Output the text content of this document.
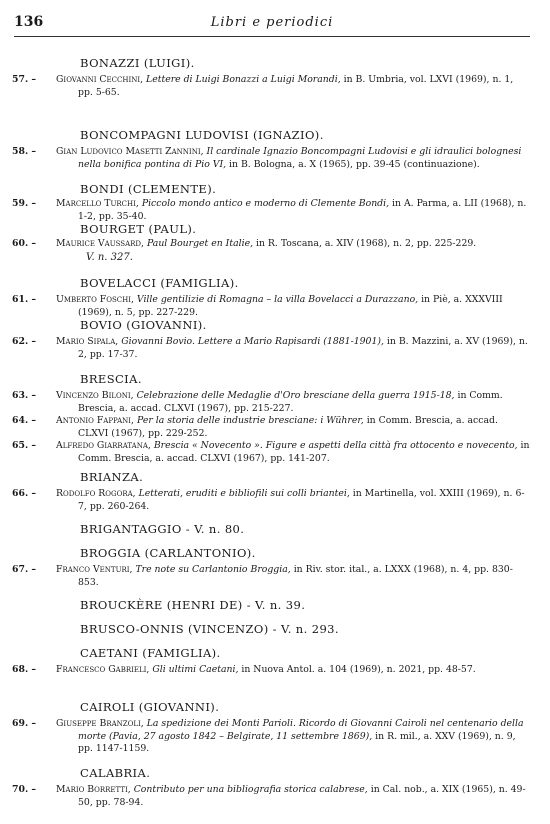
136	Libri e periodici
BONAZZI (LUIGI).
BONCOMPAGNI LUDOVISI (IGNAZIO).
BONDI (CLEMENTE).
BOURGET (PAUL).
BOVELACCI (FAMIGLIA).
BOVIO (GIOVANNI).
BRESCIA.
BRIANZA.
BRIGANTAGGIO - V. n. 80.
BROGGIA (CARLANTONIO).
BROUCKÈRE (HENRI DE) - V. n. 39.
BRUSCO-ONNIS (VINCENZO) - V. n. 293.
CAETANI (FAMIGLIA).
CAIROLI (GIOVANNI).
CALABRIA.
57. –	Giovanni Cecchini, Lettere di Luigi Bonazzi a Luigi Morandi, in B. Umbria, vol. LXVI (1969), n. 1, pp. 5-65.
58. –	Gian Ludovico Masetti Zannini, Il cardinale Ignazio Boncompagni Ludovisi e gli idraulici bolognesi nella bonifica pontina di Pio VI, in B. Bologna, a. X (1965), pp. 39-45 (continuazione).
59. –	Marcello Turchi, Piccolo mondo antico e moderno di Clemente Bondi, in A. Parma, a. LII (1968), n. 1-2, pp. 35-40.
60. –	Maurice Vaussard, Paul Bourget en Italie, in R. Toscana, a. XIV (1968), n. 2, pp. 225-229.
V. n. 327.
61. –	Umberto Foschi, Ville gentilizie di Romagna – la villa Bovelacci a Durazzano, in Piè, a. XXXVIII (1969), n. 5, pp. 227-229.
62. –	Mario Sipala, Giovanni Bovio. Lettere a Mario Rapisardi (1881-1901), in B. Mazzini, a. XV (1969), n. 2, pp. 17-37.
63. –	Vincenzo Biloni, Celebrazione delle Medaglie d'Oro bresciane della guerra 1915-18, in Comm. Brescia, a. accad. CLXVI (1967), pp. 215-227.
64. –	Antonio Fappani, Per la storia delle industrie bresciane: i Wührer, in Comm. Brescia, a. accad. CLXVI (1967), pp. 229-252.
65. –	Alfredo Giarratana, Brescia « Novecento ». Figure e aspetti della città fra ottocento e novecento, in Comm. Brescia, a. accad. CLXVI (1967), pp. 141-207.
66. –	Rodolfo Rogora, Letterati, eruditi e bibliofili sui colli briantei, in Martinella, vol. XXIII (1969), n. 6-7, pp. 260-264.
67. –	Franco Venturi, Tre note su Carlantonio Broggia, in Riv. stor. ital., a. LXXX (1968), n. 4, pp. 830-853.
68. –	Francesco Gabrieli, Gli ultimi Caetani, in Nuova Antol. a. 104 (1969), n. 2021, pp. 48-57.
69. –	Giuseppe Branzoli, La spedizione dei Monti Parioli. Ricordo di Giovanni Cairoli nel centenario della morte (Pavia, 27 agosto 1842 – Belgirate, 11 settembre 1869), in R. mil., a. XXV (1969), n. 9, pp. 1147-1159.
70. –	Mario Borretti, Contributo per una bibliografia storica calabrese, in Cal. nob., a. XIX (1965), n. 49-50, pp. 78-94.
